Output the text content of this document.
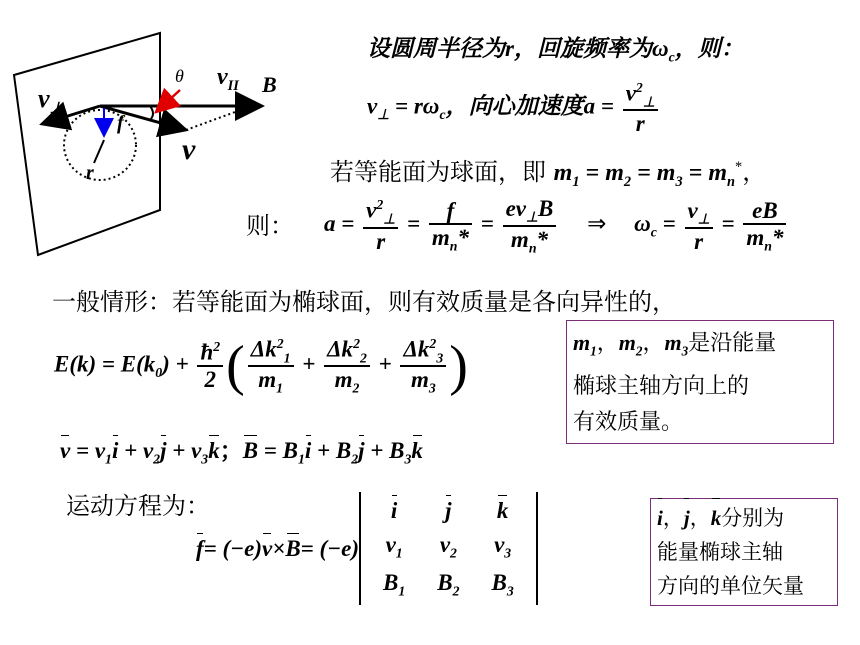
θ $v_{II}$ B
$v_\perp$
f
v
r
设圆周半径为r，回旋频率为$\omega_c$，则：
$v_\perp = r\omega_c$，向心加速度$a = \frac{v^2_\perp}{r}$
若等能面为球面，即 $m_1 = m_2 = m_3 = m_n^*$，
则： $a = \frac{v^2_\perp}{r} = \frac{f}{m_n*} = \frac{ev_\perp B}{m_n*}$ ⇒ $\omega_c = \frac{v_\perp}{r} = \frac{eB}{m_n*}$
一般情形：若等能面为椭球面，则有效质量是各向异性的，
$E(k) = E(k_0) + \frac{ħ^2}{2}$ ( $\frac{\Delta k^2_1}{m_1} + \frac{\Delta k^2_2}{m_2} + \frac{\Delta k^2_3}{m_3}$ )	$m_1$，$m_2$，$m_3$是沿能量
椭球主轴方向上的
有效质量。
$v = v_1i + v_2j + v_3k$；$B = B_1i + B_2j + B_3k$
运动方程为：
f = (−e) v × B = (−e)
i	j	k
$v_1$	$v_2$	$v_3$
$B_1$	$B_2$	$B_3$
i，j，k分别为
能量椭球主轴
方向的单位矢量
